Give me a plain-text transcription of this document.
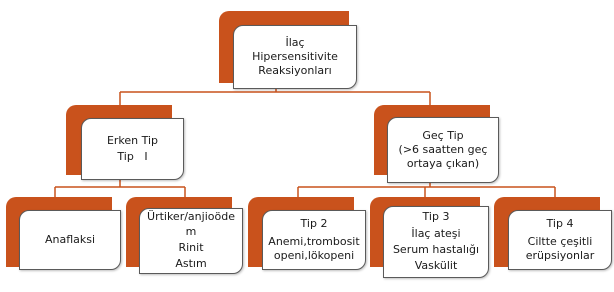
İlaç
Hipersensitivite
Reaksiyonları
Erken Tip
Tip   I
Geç Tip
(>6 saatten geç
ortaya çıkan)
Anaflaksi
Ürtiker/anjioöde
m
Rinit
Astım
Tip 2
Anemi,trombosit
openi,lökopeni
Tip 3
İlaç ateşi
Serum hastalığı
Vaskülit
Tip 4
Ciltte çeşitli
erüpsiyonlar
